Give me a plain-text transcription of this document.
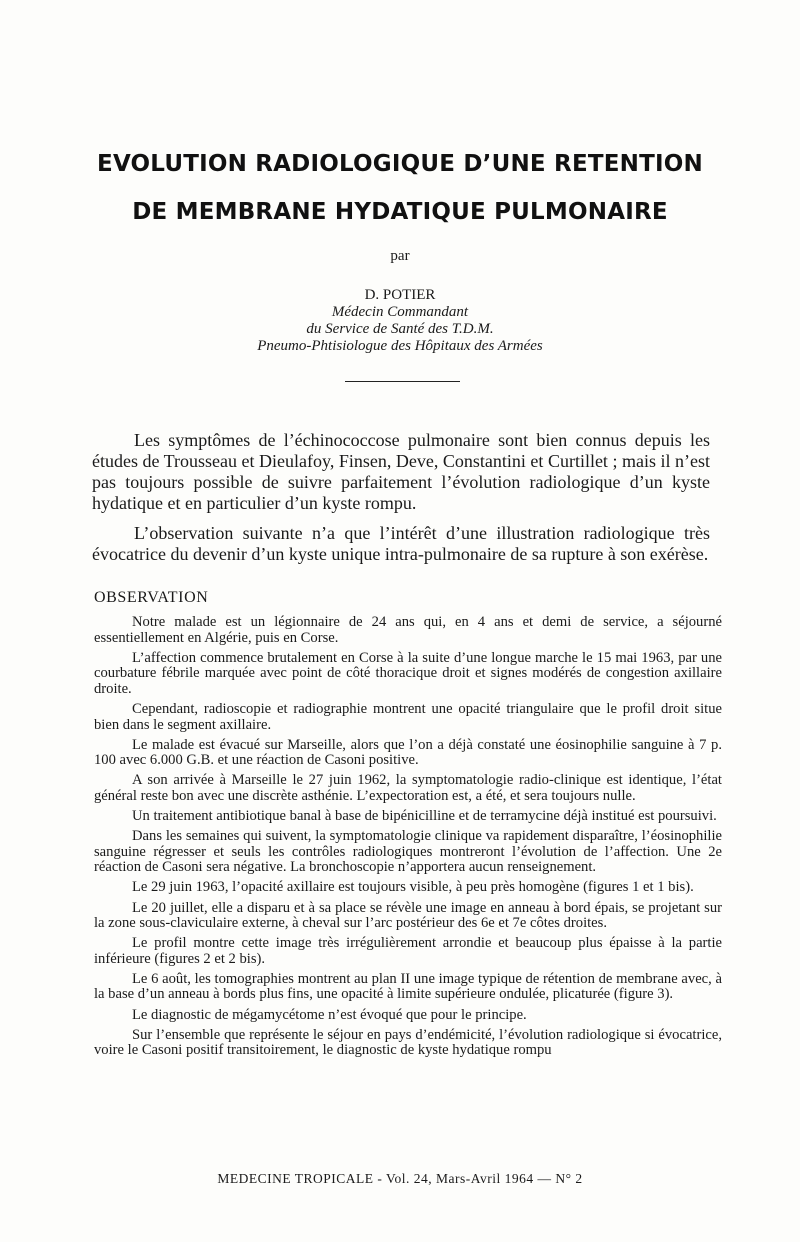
EVOLUTION RADIOLOGIQUE D’UNE RETENTION
DE MEMBRANE HYDATIQUE PULMONAIRE
par
D. POTIER
Médecin Commandant
du Service de Santé des T.D.M.
Pneumo-Phtisiologue des Hôpitaux des Armées

Les symptômes de l’échinococcose pulmonaire sont bien connus depuis les études de Trousseau et Dieulafoy, Finsen, Deve, Constantini et Curtillet ; mais il n’est pas toujours possible de suivre parfaitement l’évolution radiologique d’un kyste hydatique et en particulier d’un kyste rompu.

L’observation suivante n’a que l’intérêt d’une illustration radiologique très évocatrice du devenir d’un kyste unique intra-pulmonaire de sa rupture à son exérèse.

OBSERVATION

Notre malade est un légionnaire de 24 ans qui, en 4 ans et demi de service, a séjourné essentiellement en Algérie, puis en Corse.

L’affection commence brutalement en Corse à la suite d’une longue marche le 15 mai 1963, par une courbature fébrile marquée avec point de côté thoracique droit et signes modérés de congestion axillaire droite.

Cependant, radioscopie et radiographie montrent une opacité triangulaire que le profil droit situe bien dans le segment axillaire.

Le malade est évacué sur Marseille, alors que l’on a déjà constaté une éosinophilie sanguine à 7 p. 100 avec 6.000 G.B. et une réaction de Casoni positive.

A son arrivée à Marseille le 27 juin 1962, la symptomatologie radio-clinique est identique, l’état général reste bon avec une discrète asthénie. L’expectoration est, a été, et sera toujours nulle.

Un traitement antibiotique banal à base de bipénicilline et de terramycine déjà institué est poursuivi.

Dans les semaines qui suivent, la symptomatologie clinique va rapidement disparaître, l’éosinophilie sanguine régresser et seuls les contrôles radiologiques montreront l’évolution de l’affection. Une 2e réaction de Casoni sera négative. La bronchoscopie n’apportera aucun renseignement.

Le 29 juin 1963, l’opacité axillaire est toujours visible, à peu près homogène (figures 1 et 1 bis).

Le 20 juillet, elle a disparu et à sa place se révèle une image en anneau à bord épais, se projetant sur la zone sous-claviculaire externe, à cheval sur l’arc postérieur des 6e et 7e côtes droites.

Le profil montre cette image très irrégulièrement arrondie et beaucoup plus épaisse à la partie inférieure (figures 2 et 2 bis).

Le 6 août, les tomographies montrent au plan II une image typique de rétention de membrane avec, à la base d’un anneau à bords plus fins, une opacité à limite supérieure ondulée, plicaturée (figure 3).

Le diagnostic de mégamycétome n’est évoqué que pour le principe.

Sur l’ensemble que représente le séjour en pays d’endémicité, l’évolution radiologique si évocatrice, voire le Casoni positif transitoirement, le diagnostic de kyste hydatique rompu

MEDECINE TROPICALE - Vol. 24, Mars-Avril 1964 — N° 2
